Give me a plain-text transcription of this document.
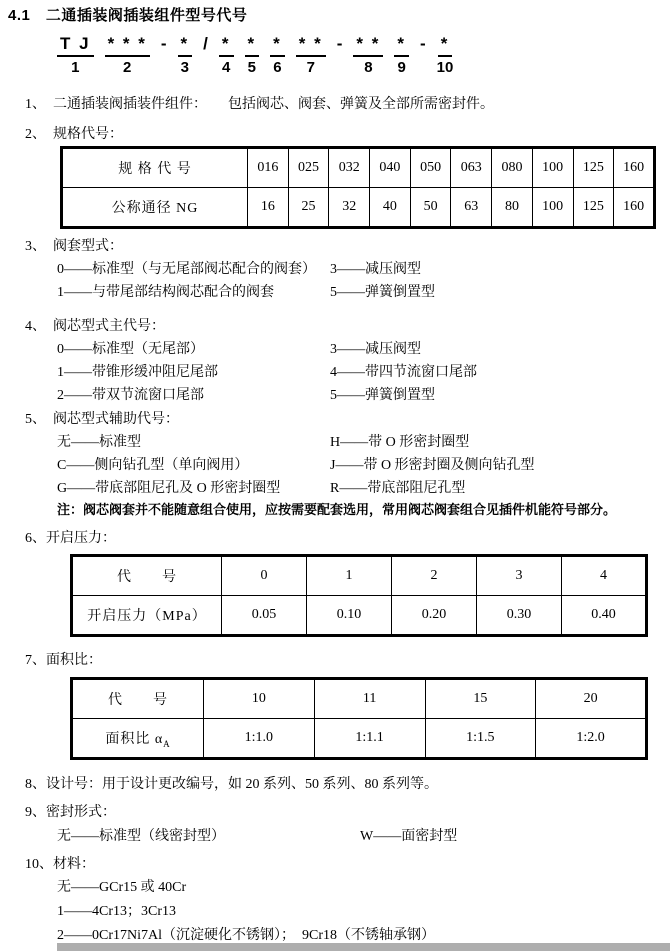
4.1　二通插装阀插装组件型号代号
T J
1
* * *
2
- *
3
/ *
4
*
5
*
6
* *
7
- * *
8
*
9
- *
10
1、　二通插装阀插装件组件：　　包括阀芯、阀套、弹簧及全部所需密封件。
2、　规格代号：
规 格 代 号	016	025	032	040	050	063	080	100	125	160
公称通径 NG	16	25	32	40	50	63	80	100	125	160
3、　阀套型式：
0——标准型（与无尾部阀芯配合的阀套） 3——减压阀型
1——与带尾部结构阀芯配合的阀套	5——弹簧倒置型
4、　阀芯型式主代号：
0——标准型（无尾部）	3——减压阀型
1——带锥形缓冲阻尼尾部	4——带四节流窗口尾部
2——带双节流窗口尾部	5——弹簧倒置型
5、　阀芯型式辅助代号：
无——标准型	H——带 O 形密封圈型
C——侧向钻孔型（单向阀用）	J——带 O 形密封圈及侧向钻孔型
G——带底部阻尼孔及 O 形密封圈型	R——带底部阻尼孔型
注：阀芯阀套并不能随意组合使用，应按需要配套选用，常用阀芯阀套组合见插件机能符号部分。
6、开启压力：
代　　号	0	1	2	3	4
开启压力（MPa）	0.05	0.10	0.20	0.30	0.40
7、面积比：
代　　号	10	11	15	20
面积比 $\alpha_A$	1:1.0	1:1.1	1:1.5	1:2.0
8、设计号：用于设计更改编号，如 20 系列、50 系列、80 系列等。
9、密封形式：
无——标准型（线密封型）	W——面密封型
10、材料：
无——GCr15 或 40Cr
1——4Cr13；3Cr13
2——0Cr17Ni7Al（沉淀硬化不锈钢）；　9Cr18（不锈轴承钢）
